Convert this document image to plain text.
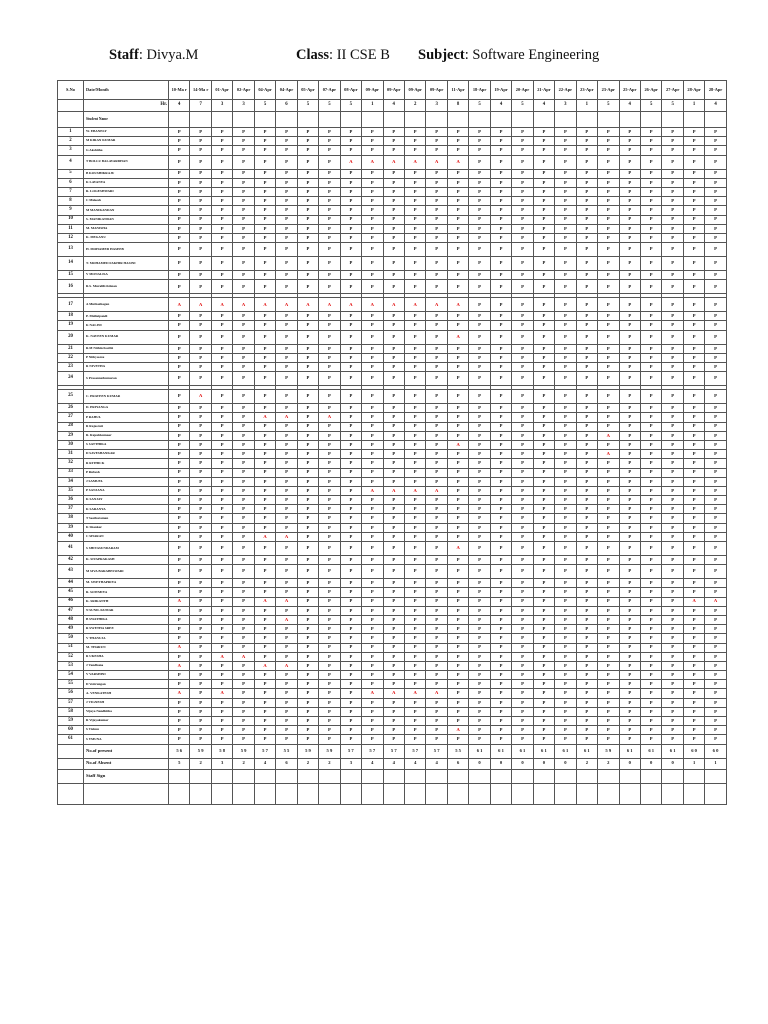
Staff: Divya.M	Class: II CSE B Subject: Software Engineering
S.No	Date/Month	10-Ma r	14-Ma r	01-Apr	02-Apr	04-Apr	04-Apr	05-Apr	07-Apr	08-Apr	09-Apr	09-Apr	09-Apr	09-Apr	11-Apr	18-Apr	19-Apr	20-Apr	21-Apr	22-Apr	23-Apr	23-Apr	25-Apr	26-Apr	27-Apr	28-Apr	28-Apr
	Hr.	4	7	3	3	5	6	5	5	5	1	4	2	3	8	5	4	5	4	3	1	5	4	5	5	1	4
	Student Name																										
1	W. EBANELY	P	P	P	P	P	P	P	P	P	P	P	P	P	P	P	P	P	P	P	P	P	P	P	P	P	P
2	M KIRAN KUMAR	P	P	P	P	P	P	P	P	P	P	P	P	P	P	P	P	P	P	P	P	P	P	P	P	P	P
3	G Akshitha	P	P	P	P	P	P	P	P	P	P	P	P	P	P	P	P	P	P	P	P	P	P	P	P	P	P
4	T BOLLU BALAVARDHAN	P	P	P	P	P	P	P	P	A	A	A	A	A	A	P	P	P	P	P	P	P	P	P	P	P	P
5	B KOUSHIKRAJU	P	P	P	P	P	P	P	P	P	P	P	P	P	P	P	P	P	P	P	P	P	P	P	P	P	P
6	K LAVANYA	P	P	P	P	P	P	P	P	P	P	P	P	P	P	P	P	P	P	P	P	P	P	P	P	P	P
7	R. LOGESHWARI	P	P	P	P	P	P	P	P	P	P	P	P	P	P	P	P	P	P	P	P	P	P	P	P	P	P
8	C Mukesh	P	P	P	P	P	P	P	P	P	P	P	P	P	P	P	P	P	P	P	P	P	P	P	P	P	P
9	M MANIKANDAN	P	P	P	P	P	P	P	P	P	P	P	P	P	P	P	P	P	P	P	P	P	P	P	P	P	P
10	S. MANIKANDAN	P	P	P	P	P	P	P	P	P	P	P	P	P	P	P	P	P	P	P	P	P	P	P	P	P	P
11	M. MANISHA	P	P	P	P	P	P	P	P	P	P	P	P	P	P	P	P	P	P	P	P	P	P	P	P	P	P
12	K. MEGANU	P	P	P	P	P	P	P	P	P	P	P	P	P	P	P	P	P	P	P	P	P	P	P	P	P	P
13	H. MOHAMED HASEEB	P	P	P	P	P	P	P	P	P	P	P	P	P	P	P	P	P	P	P	P	P	P	P	P	P	P
14	T. MOHAMED FAKHIR HASINI	P	P	P	P	P	P	P	P	P	P	P	P	P	P	P	P	P	P	P	P	P	P	P	P	P	P
15	V MONALISA	P	P	P	P	P	P	P	P	P	P	P	P	P	P	P	P	P	P	P	P	P	P	P	P	P	P
16	R.S. MuraliKrishnan	P	P	P	P	P	P	P	P	P	P	P	P	P	P	P	P	P	P	P	P	P	P	P	P	P	P

17	A Muthazhagan	A	A	A	A	A	A	A	A	A	A	A	A	A	A	P	P	P	P	P	P	P	P	P	P	P	P
18	P. Mullaipandi	P	P	P	P	P	P	P	P	P	P	P	P	P	P	P	P	P	P	P	P	P	P	P	P	P	P
19	K NALINI	P	P	P	P	P	P	P	P	P	P	P	P	P	P	P	P	P	P	P	P	P	P	P	P	P	P
20	K. NAVEEN KUMAR	P	P	P	P	P	P	P	P	P	P	P	P	P	A	P	P	P	P	P	P	P	P	P	P	P	P
21	R.M Nithin Karthi	P	P	P	P	P	P	P	P	P	P	P	P	P	P	P	P	P	P	P	P	P	P	P	P	P	P
22	P Nithyasree	P	P	P	P	P	P	P	P	P	P	P	P	P	P	P	P	P	P	P	P	P	P	P	P	P	P
23	R NIVETHA	P	P	P	P	P	P	P	P	P	P	P	P	P	P	P	P	P	P	P	P	P	P	P	P	P	P
24	S PrasannaKumaran	P	P	P	P	P	P	P	P	P	P	P	P	P	P	P	P	P	P	P	P	P	P	P	P	P	P

25	C. PRAVEEN KUMAR	P	A	P	P	P	P	P	P	P	P	P	P	P	P	P	P	P	P	P	P	P	P	P	P	P	P
26	D. PRIYANGA	P	P	P	P	P	P	P	P	P	P	P	P	P	P	P	P	P	P	P	P	P	P	P	P	P	P
27	P RAHUL	P	P	P	P	A	A	P	A	P	P	P	P	P	P	P	P	P	P	P	P	P	P	P	P	P	P
28	R Rajasruti	P	P	P	P	P	P	P	P	P	P	P	P	P	P	P	P	P	P	P	P	P	P	P	P	P	P
29	R. Rajeshkumaar	P	P	P	P	P	P	P	P	P	P	P	P	P	P	P	P	P	P	P	P	A	P	P	P	P	P
30	S SATTHIKA	P	P	P	P	P	P	P	P	P	P	P	P	P	A	P	P	P	P	P	P	P	P	P	P	P	P
31	D SAVESHANKAR	P	P	P	P	P	P	P	P	P	P	P	P	P	P	P	P	P	P	P	P	A	P	P	P	P	P
32	R RITHICK	P	P	P	P	P	P	P	P	P	P	P	P	P	P	P	P	P	P	P	P	P	P	P	P	P	P
33	P Rubesh	P	P	P	P	P	P	P	P	P	P	P	P	P	P	P	P	P	P	P	P	P	P	P	P	P	P
34	J SAMUEL	P	P	P	P	P	P	P	P	P	P	P	P	P	P	P	P	P	P	P	P	P	P	P	P	P	P
35	P SANJANA	P	P	P	P	P	P	P	P	P	A	A	A	A	P	P	P	P	P	P	P	P	P	P	P	P	P
36	K SANJAY	P	P	P	P	P	P	P	P	P	P	P	P	P	P	P	P	P	P	P	P	P	P	P	P	P	P
37	K SARANYA	P	P	P	P	P	P	P	P	P	P	P	P	P	P	P	P	P	P	P	P	P	P	P	P	P	P
38	T Seetharaman	P	P	P	P	P	P	P	P	P	P	P	P	P	P	P	P	P	P	P	P	P	P	P	P	P	P
39	K Shankar	P	P	P	P	P	P	P	P	P	P	P	P	P	P	P	P	P	P	P	P	P	P	P	P	P	P
40	C SHARAN	P	P	P	P	A	A	P	P	P	P	P	P	P	P	P	P	P	P	P	P	P	P	P	P	P	P
41	S SHIVASUNDARAM	P	P	P	P	P	P	P	P	P	P	P	P	P	A	P	P	P	P	P	P	P	P	P	P	P	P
42	K. SIVAPRAKASH	P	P	P	P	P	P	P	P	P	P	P	P	P	P	P	P	P	P	P	P	P	P	P	P	P	P
43	M SIVA BARABESWARI	P	P	P	P	P	P	P	P	P	P	P	P	P	P	P	P	P	P	P	P	P	P	P	P	P	P
44	M. SWETHAPRIYA	P	P	P	P	P	P	P	P	P	P	P	P	P	P	P	P	P	P	P	P	P	P	P	P	P	P
45	R. SOWMIYA	P	P	P	P	P	P	P	P	P	P	P	P	P	P	P	P	P	P	P	P	P	P	P	P	P	P
46	K. SRIKANTH	A	P	P	P	A	A	P	P	P	P	P	P	P	P	P	P	P	P	P	P	P	P	P	P	A	A
47	N SUNIL KUMAR	P	P	P	P	P	P	P	P	P	P	P	P	P	P	P	P	P	P	P	P	P	P	P	P	P	P
48	B SWATHIKA	P	P	P	P	P	A	P	P	P	P	P	P	P	P	P	P	P	P	P	P	P	P	P	P	P	P
49	R SWETHA SREE	P	P	P	P	P	P	P	P	P	P	P	P	P	P	P	P	P	P	P	P	P	P	P	P	P	P
50	V THANUJA	P	P	P	P	P	P	P	P	P	P	P	P	P	P	P	P	P	P	P	P	P	P	P	P	P	P
51	M. THARUN	A	P	P	P	P	P	P	P	P	P	P	P	P	P	P	P	P	P	P	P	P	P	P	P	P	P
52	R UKESHA	P	P	A	A	P	P	P	P	P	P	P	P	P	P	P	P	P	P	P	P	P	P	P	P	P	P
53	J Vandhana	A	P	P	P	A	A	P	P	P	P	P	P	P	P	P	P	P	P	P	P	P	P	P	P	P	P
54	V VARSHINI	P	P	P	P	P	P	P	P	P	P	P	P	P	P	P	P	P	P	P	P	P	P	P	P	P	P
55	D Vettrungan	P	P	P	P	P	P	P	P	P	P	P	P	P	P	P	P	P	P	P	P	P	P	P	P	P	P
56	A. VENKATESH	A	P	A	P	P	P	P	P	P	A	A	A	A	P	P	P	P	P	P	P	P	P	P	P	P	P
57	J VIGNESH	P	P	P	P	P	P	P	P	P	P	P	P	P	P	P	P	P	P	P	P	P	P	P	P	P	P
58	Vijaya Nandhitha	P	P	P	P	P	P	P	P	P	P	P	P	P	P	P	P	P	P	P	P	P	P	P	P	P	P
59	R Vijayakumar	P	P	P	P	P	P	P	P	P	P	P	P	P	P	P	P	P	P	P	P	P	P	P	P	P	P
60	S Vishnu	P	P	P	P	P	P	P	P	P	P	P	P	P	A	P	P	P	P	P	P	P	P	P	P	P	P
61	S YMUNA	P	P	P	P	P	P	P	P	P	P	P	P	P	P	P	P	P	P	P	P	P	P	P	P	P	P
	No.of present	5 6	5 9	5 8	5 9	5 7	5 5	5 9	5 9	5 7	5 7	5 7	5 7	5 7	5 5	6 1	6 1	6 1	6 1	6 1	6 1	5 9	6 1	6 1	6 1	6 0	6 0
	No.of Absent	5	2	3	2	4	6	2	2	3	4	4	4	4	6	0	0	0	0	0	2	2	0	0	0	1	1
	Staff Sign																										
